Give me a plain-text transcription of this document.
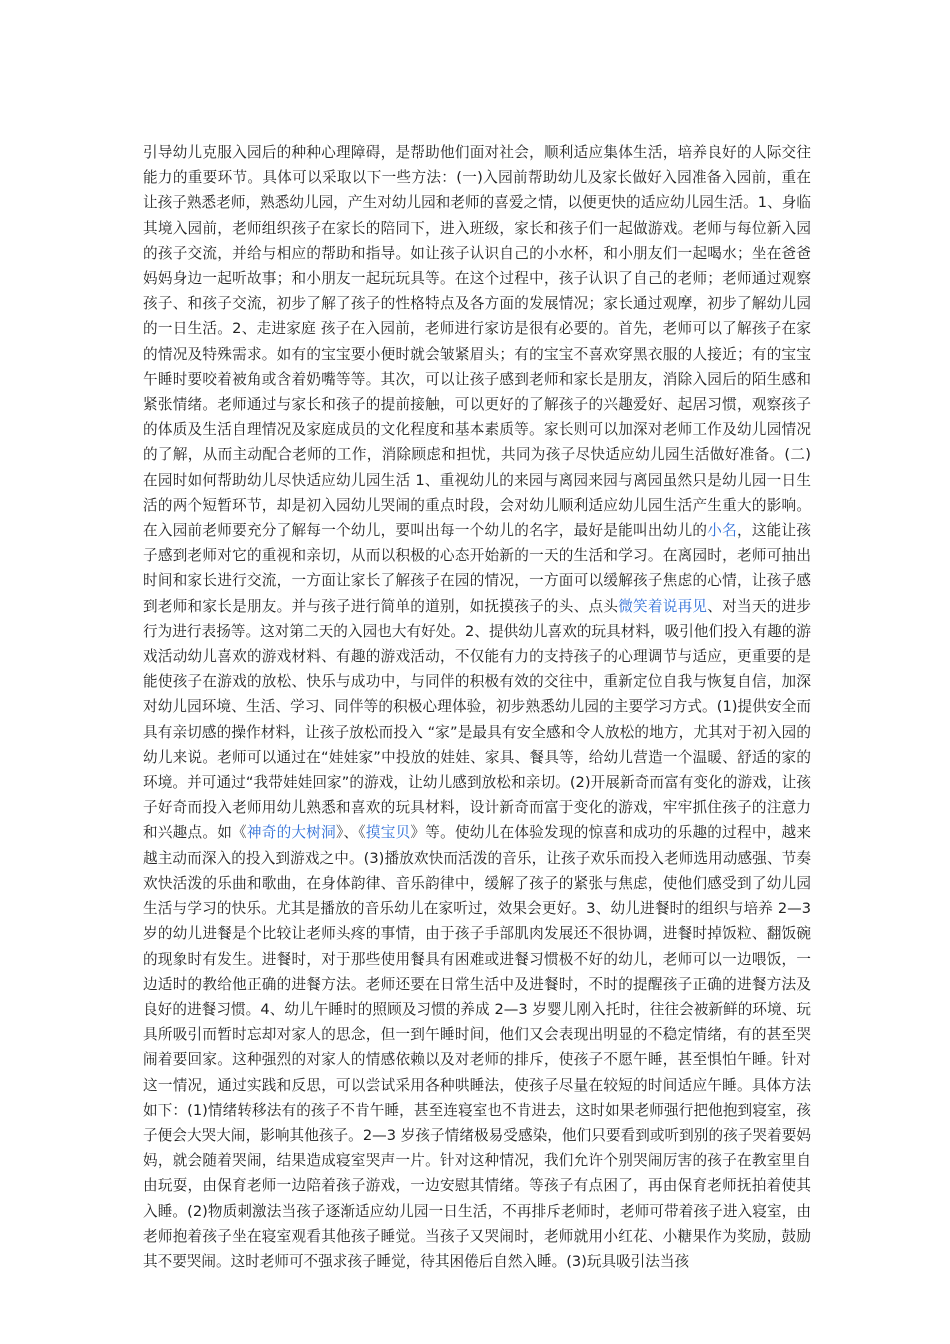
引导幼儿克服入园后的种种心理障碍，是帮助他们面对社会，顺利适应集体生活，培养良好的人际交往能力的重要环节。具体可以采取以下一些方法：(一)入园前帮助幼儿及家长做好入园准备入园前，重在让孩子熟悉老师，熟悉幼儿园，产生对幼儿园和老师的喜爱之情，以便更快的适应幼儿园生活。1、身临其境入园前，老师组织孩子在家长的陪同下，进入班级，家长和孩子们一起做游戏。老师与每位新入园的孩子交流，并给与相应的帮助和指导。如让孩子认识自己的小水杯，和小朋友们一起喝水；坐在爸爸妈妈身边一起听故事；和小朋友一起玩玩具等。在这个过程中，孩子认识了自己的老师；老师通过观察孩子、和孩子交流，初步了解了孩子的性格特点及各方面的发展情况；家长通过观摩，初步了解幼儿园的一日生活。2、走进家庭 孩子在入园前，老师进行家访是很有必要的。首先，老师可以了解孩子在家的情况及特殊需求。如有的宝宝要小便时就会皱紧眉头；有的宝宝不喜欢穿黑衣服的人接近；有的宝宝午睡时要咬着被角或含着奶嘴等等。其次，可以让孩子感到老师和家长是朋友，消除入园后的陌生感和紧张情绪。老师通过与家长和孩子的提前接触，可以更好的了解孩子的兴趣爱好、起居习惯，观察孩子的体质及生活自理情况及家庭成员的文化程度和基本素质等。家长则可以加深对老师工作及幼儿园情况的了解，从而主动配合老师的工作，消除顾虑和担忧，共同为孩子尽快适应幼儿园生活做好准备。(二)在园时如何帮助幼儿尽快适应幼儿园生活 1、重视幼儿的来园与离园来园与离园虽然只是幼儿园一日生活的两个短暂环节，却是初入园幼儿哭闹的重点时段，会对幼儿顺利适应幼儿园生活产生重大的影响。在入园前老师要充分了解每一个幼儿，要叫出每一个幼儿的名字，最好是能叫出幼儿的小名，这能让孩子感到老师对它的重视和亲切，从而以积极的心态开始新的一天的生活和学习。在离园时，老师可抽出时间和家长进行交流，一方面让家长了解孩子在园的情况，一方面可以缓解孩子焦虑的心情，让孩子感到老师和家长是朋友。并与孩子进行简单的道别，如抚摸孩子的头、点头微笑着说再见、对当天的进步行为进行表扬等。这对第二天的入园也大有好处。2、提供幼儿喜欢的玩具材料，吸引他们投入有趣的游戏活动幼儿喜欢的游戏材料、有趣的游戏活动，不仅能有力的支持孩子的心理调节与适应，更重要的是能使孩子在游戏的放松、快乐与成功中，与同伴的积极有效的交往中，重新定位自我与恢复自信，加深对幼儿园环境、生活、学习、同伴等的积极心理体验，初步熟悉幼儿园的主要学习方式。(1)提供安全而具有亲切感的操作材料，让孩子放松而投入 “家”是最具有安全感和令人放松的地方，尤其对于初入园的幼儿来说。老师可以通过在“娃娃家”中投放的娃娃、家具、餐具等，给幼儿营造一个温暖、舒适的家的环境。并可通过“我带娃娃回家”的游戏，让幼儿感到放松和亲切。(2)开展新奇而富有变化的游戏，让孩子好奇而投入老师用幼儿熟悉和喜欢的玩具材料，设计新奇而富于变化的游戏，牢牢抓住孩子的注意力和兴趣点。如《神奇的大树洞》、《摸宝贝》等。使幼儿在体验发现的惊喜和成功的乐趣的过程中，越来越主动而深入的投入到游戏之中。(3)播放欢快而活泼的音乐，让孩子欢乐而投入老师选用动感强、节奏欢快活泼的乐曲和歌曲，在身体韵律、音乐韵律中，缓解了孩子的紧张与焦虑，使他们感受到了幼儿园生活与学习的快乐。尤其是播放的音乐幼儿在家听过，效果会更好。3、幼儿进餐时的组织与培养 2—3 岁的幼儿进餐是个比较让老师头疼的事情，由于孩子手部肌肉发展还不很协调，进餐时掉饭粒、翻饭碗的现象时有发生。进餐时，对于那些使用餐具有困难或进餐习惯极不好的幼儿，老师可以一边喂饭，一边适时的教给他正确的进餐方法。老师还要在日常生活中及进餐时，不时的提醒孩子正确的进餐方法及良好的进餐习惯。4、幼儿午睡时的照顾及习惯的养成 2—3 岁婴儿刚入托时，往往会被新鲜的环境、玩具所吸引而暂时忘却对家人的思念，但一到午睡时间，他们又会表现出明显的不稳定情绪，有的甚至哭闹着要回家。这种强烈的对家人的情感依赖以及对老师的排斥，使孩子不愿午睡，甚至惧怕午睡。针对这一情况，通过实践和反思，可以尝试采用各种哄睡法，使孩子尽量在较短的时间适应午睡。具体方法如下：(1)情绪转移法有的孩子不肯午睡，甚至连寝室也不肯进去，这时如果老师强行把他抱到寝室，孩子便会大哭大闹，影响其他孩子。2—3 岁孩子情绪极易受感染，他们只要看到或听到别的孩子哭着要妈妈，就会随着哭闹，结果造成寝室哭声一片。针对这种情况，我们允许个别哭闹厉害的孩子在教室里自由玩耍，由保育老师一边陪着孩子游戏，一边安慰其情绪。等孩子有点困了，再由保育老师抚拍着使其入睡。(2)物质刺激法当孩子逐渐适应幼儿园一日生活，不再排斥老师时，老师可带着孩子进入寝室，由老师抱着孩子坐在寝室观看其他孩子睡觉。当孩子又哭闹时，老师就用小红花、小糖果作为奖励，鼓励其不要哭闹。这时老师可不强求孩子睡觉，待其困倦后自然入睡。(3)玩具吸引法当孩
